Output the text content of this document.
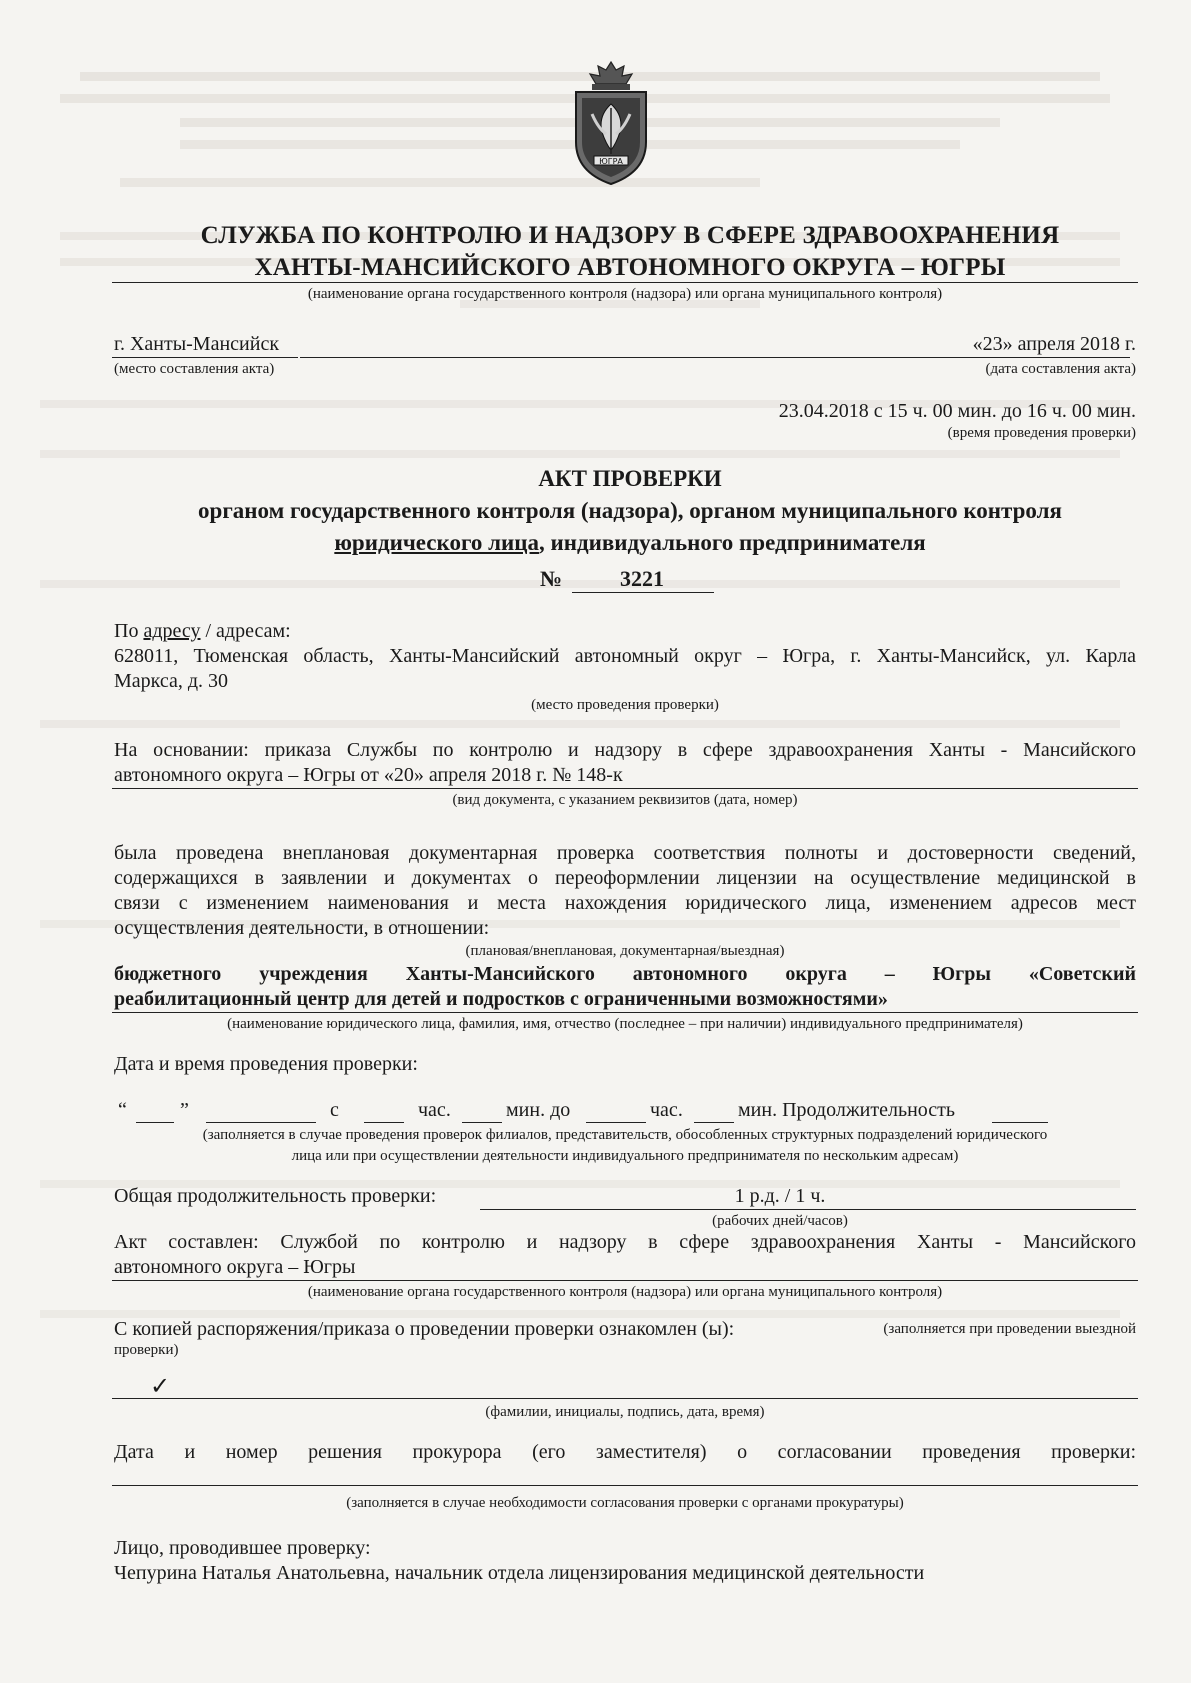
ЮГРА
СЛУЖБА ПО КОНТРОЛЮ И НАДЗОРУ В СФЕРЕ ЗДРАВООХРАНЕНИЯ
ХАНТЫ-МАНСИЙСКОГО АВТОНОМНОГО ОКРУГА – ЮГРЫ
(наименование органа государственного контроля (надзора) или органа муниципального контроля)
г. Ханты-Мансийск	«23» апреля 2018 г.
(место составления акта)	(дата составления акта)
23.04.2018 с 15 ч. 00 мин. до 16 ч. 00 мин.
(время проведения проверки)
АКТ ПРОВЕРКИ
органом государственного контроля (надзора), органом муниципального контроля
юридического лица, индивидуального предпринимателя
№	3221
По адресу / адресам:
628011, Тюменская область, Ханты-Мансийский автономный округ – Югра, г. Ханты-Мансийск, ул. Карла
Маркса, д. 30
(место проведения проверки)
На основании: приказа Службы по контролю и надзору в сфере здравоохранения Ханты - Мансийского
автономного округа – Югры от «20» апреля 2018 г. № 148-к
(вид документа, с указанием реквизитов (дата, номер)
была проведена внеплановая документарная проверка соответствия полноты и достоверности сведений,
содержащихся в заявлении и документах о переоформлении лицензии на осуществление медицинской в
связи с изменением наименования и места нахождения юридического лица, изменением адресов мест
осуществления деятельности, в отношении:
(плановая/внеплановая, документарная/выездная)
бюджетного учреждения Ханты-Мансийского автономного округа – Югры «Советский
реабилитационный центр для детей и подростков с ограниченными возможностями»
(наименование юридического лица, фамилия, имя, отчество (последнее – при наличии) индивидуального предпринимателя)
Дата и время проведения проверки:
“	”	с	час.	мин. до	час.	мин. Продолжительность
(заполняется в случае проведения проверок филиалов, представительств, обособленных структурных подразделений юридического
лица или при осуществлении деятельности индивидуального предпринимателя по нескольким адресам)
Общая продолжительность проверки:	1 р.д. / 1 ч.
(рабочих дней/часов)
Акт составлен: Службой по контролю и надзору в сфере здравоохранения Ханты - Мансийского
автономного округа – Югры
(наименование органа государственного контроля (надзора) или органа муниципального контроля)
С копией распоряжения/приказа о проведении проверки ознакомлен (ы):	(заполняется при проведении выездной
проверки)
✓
(фамилии, инициалы, подпись, дата, время)
Дата и номер решения прокурора (его заместителя) о согласовании проведения проверки:
(заполняется в случае необходимости согласования проверки с органами прокуратуры)
Лицо, проводившее проверку:
Чепурина Наталья Анатольевна, начальник отдела лицензирования медицинской деятельности
